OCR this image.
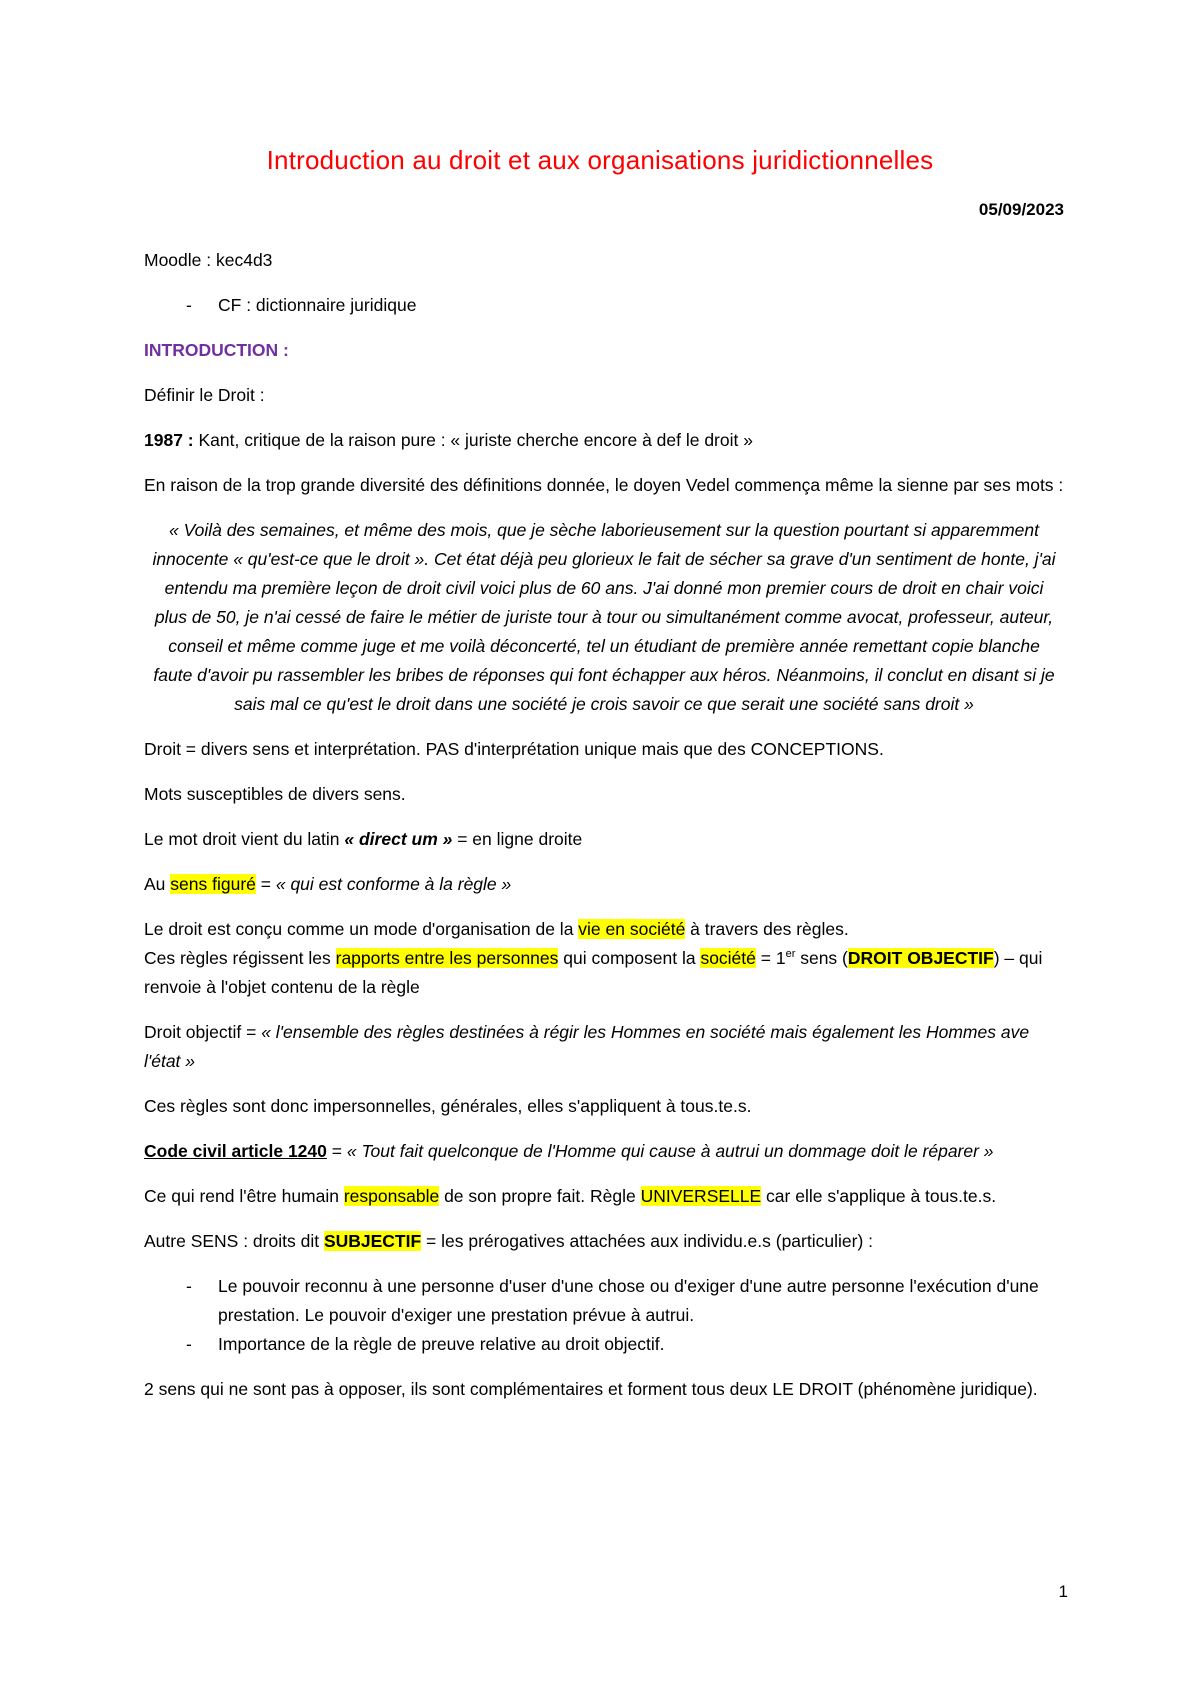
Introduction au droit et aux organisations juridictionnelles
05/09/2023

Moodle : kec4d3

- CF : dictionnaire juridique

INTRODUCTION :

Définir le Droit :

1987 : Kant, critique de la raison pure : « juriste cherche encore à def le droit »

En raison de la trop grande diversité des définitions donnée, le doyen Vedel commença même la sienne par ses mots :

« Voilà des semaines, et même des mois, que je sèche laborieusement sur la question pourtant si apparemment innocente « qu'est-ce que le droit ». Cet état déjà peu glorieux le fait de sécher sa grave d'un sentiment de honte, j'ai entendu ma première leçon de droit civil voici plus de 60 ans. J'ai donné mon premier cours de droit en chair voici plus de 50, je n'ai cessé de faire le métier de juriste tour à tour ou simultanément comme avocat, professeur, auteur, conseil et même comme juge et me voilà déconcerté, tel un étudiant de première année remettant copie blanche faute d'avoir pu rassembler les bribes de réponses qui font échapper aux héros. Néanmoins, il conclut en disant si je sais mal ce qu'est le droit dans une société je crois savoir ce que serait une société sans droit »

Droit = divers sens et interprétation. PAS d'interprétation unique mais que des CONCEPTIONS.

Mots susceptibles de divers sens.

Le mot droit vient du latin « direct um » = en ligne droite

Au sens figuré = « qui est conforme à la règle »

Le droit est conçu comme un mode d'organisation de la vie en société à travers des règles.

Ces règles régissent les rapports entre les personnes qui composent la société = 1er sens (DROIT OBJECTIF) – qui renvoie à l'objet contenu de la règle

Droit objectif = « l'ensemble des règles destinées à régir les Hommes en société mais également les Hommes ave l'état »

Ces règles sont donc impersonnelles, générales, elles s'appliquent à tous.te.s.

Code civil article 1240 = « Tout fait quelconque de l'Homme qui cause à autrui un dommage doit le réparer »

Ce qui rend l'être humain responsable de son propre fait. Règle UNIVERSELLE car elle s'applique à tous.te.s.

Autre SENS : droits dit SUBJECTIF = les prérogatives attachées aux individu.e.s (particulier) :

- Le pouvoir reconnu à une personne d'user d'une chose ou d'exiger d'une autre personne l'exécution d'une prestation. Le pouvoir d'exiger une prestation prévue à autrui.

- Importance de la règle de preuve relative au droit objectif.

2 sens qui ne sont pas à opposer, ils sont complémentaires et forment tous deux LE DROIT (phénomène juridique).

1
